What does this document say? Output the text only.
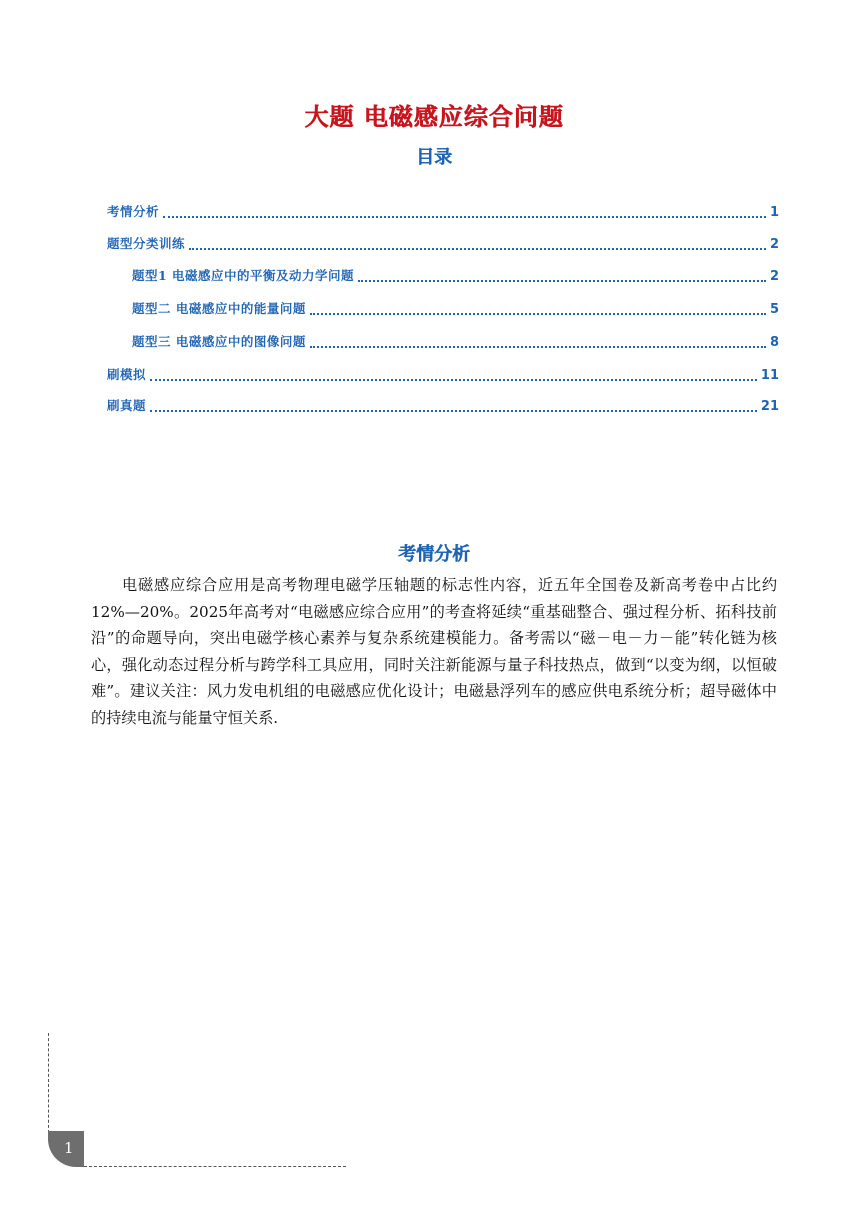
大题 电磁感应综合问题
目录
考情分析	1
题型分类训练	2
题型1 电磁感应中的平衡及动力学问题	2
题型二 电磁感应中的能量问题	5
题型三 电磁感应中的图像问题	8
刷模拟	11
刷真题	21
考情分析
电磁感应综合应用是高考物理电磁学压轴题的标志性内容，近五年全国卷及新高考卷中占比约12%—20%。2025年高考对“电磁感应综合应用”的考查将延续“重基础整合、强过程分析、拓科技前沿”的命题导向，突出电磁学核心素养与复杂系统建模能力。备考需以“磁－电－力－能”转化链为核心，强化动态过程分析与跨学科工具应用，同时关注新能源与量子科技热点，做到“以变为纲，以恒破难”。建议关注：风力发电机组的电磁感应优化设计；电磁悬浮列车的感应供电系统分析；超导磁体中的持续电流与能量守恒关系.
1
